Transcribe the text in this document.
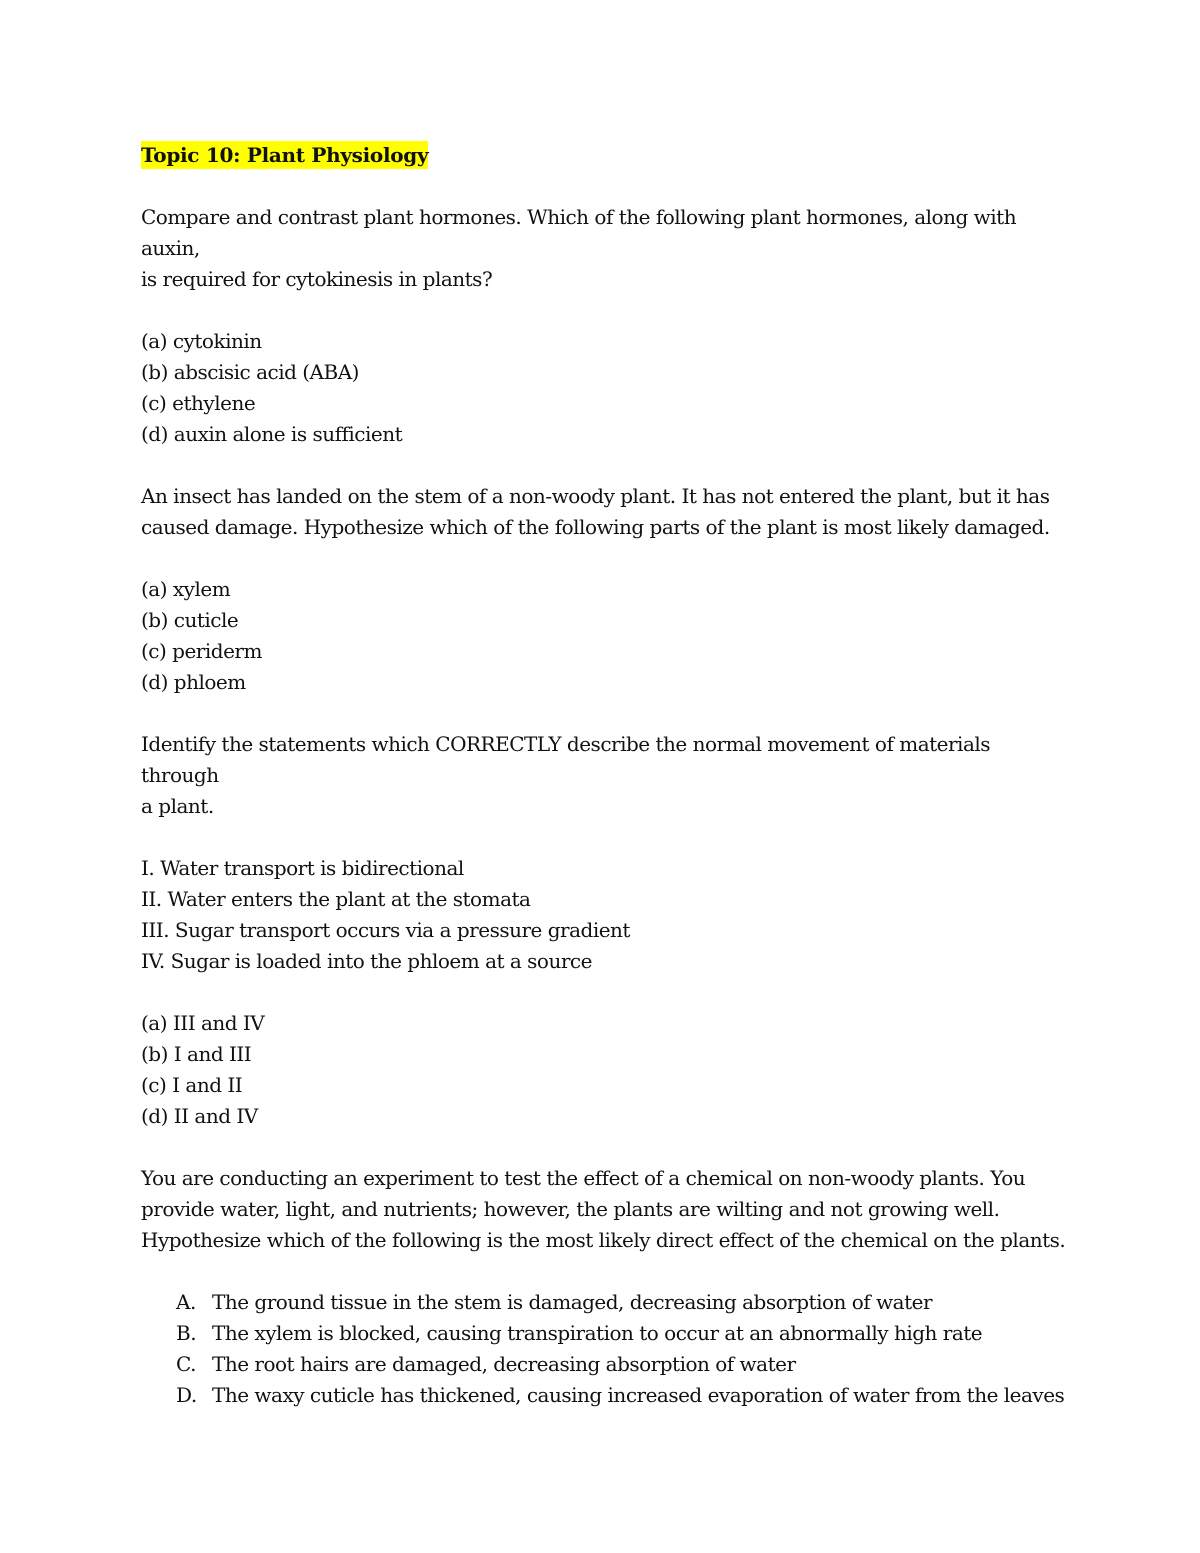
Topic 10: Plant Physiology

Compare and contrast plant hormones. Which of the following plant hormones, along with auxin,

is required for cytokinesis in plants?

(a) cytokinin
(b) abscisic acid (ABA)
(c) ethylene
(d) auxin alone is sufficient

An insect has landed on the stem of a non-woody plant. It has not entered the plant, but it has

caused damage. Hypothesize which of the following parts of the plant is most likely damaged.

(a) xylem
(b) cuticle
(c) periderm
(d) phloem

Identify the statements which CORRECTLY describe the normal movement of materials through

a plant.

I. Water transport is bidirectional
II. Water enters the plant at the stomata
III. Sugar transport occurs via a pressure gradient
IV. Sugar is loaded into the phloem at a source
(a) III and IV
(b) I and III
(c) I and II
(d) II and IV

You are conducting an experiment to test the effect of a chemical on non-woody plants. You

provide water, light, and nutrients; however, the plants are wilting and not growing well.

Hypothesize which of the following is the most likely direct effect of the chemical on the plants.

A. The ground tissue in the stem is damaged, decreasing absorption of water
B. The xylem is blocked, causing transpiration to occur at an abnormally high rate
C. The root hairs are damaged, decreasing absorption of water
D. The waxy cuticle has thickened, causing increased evaporation of water from the leaves
